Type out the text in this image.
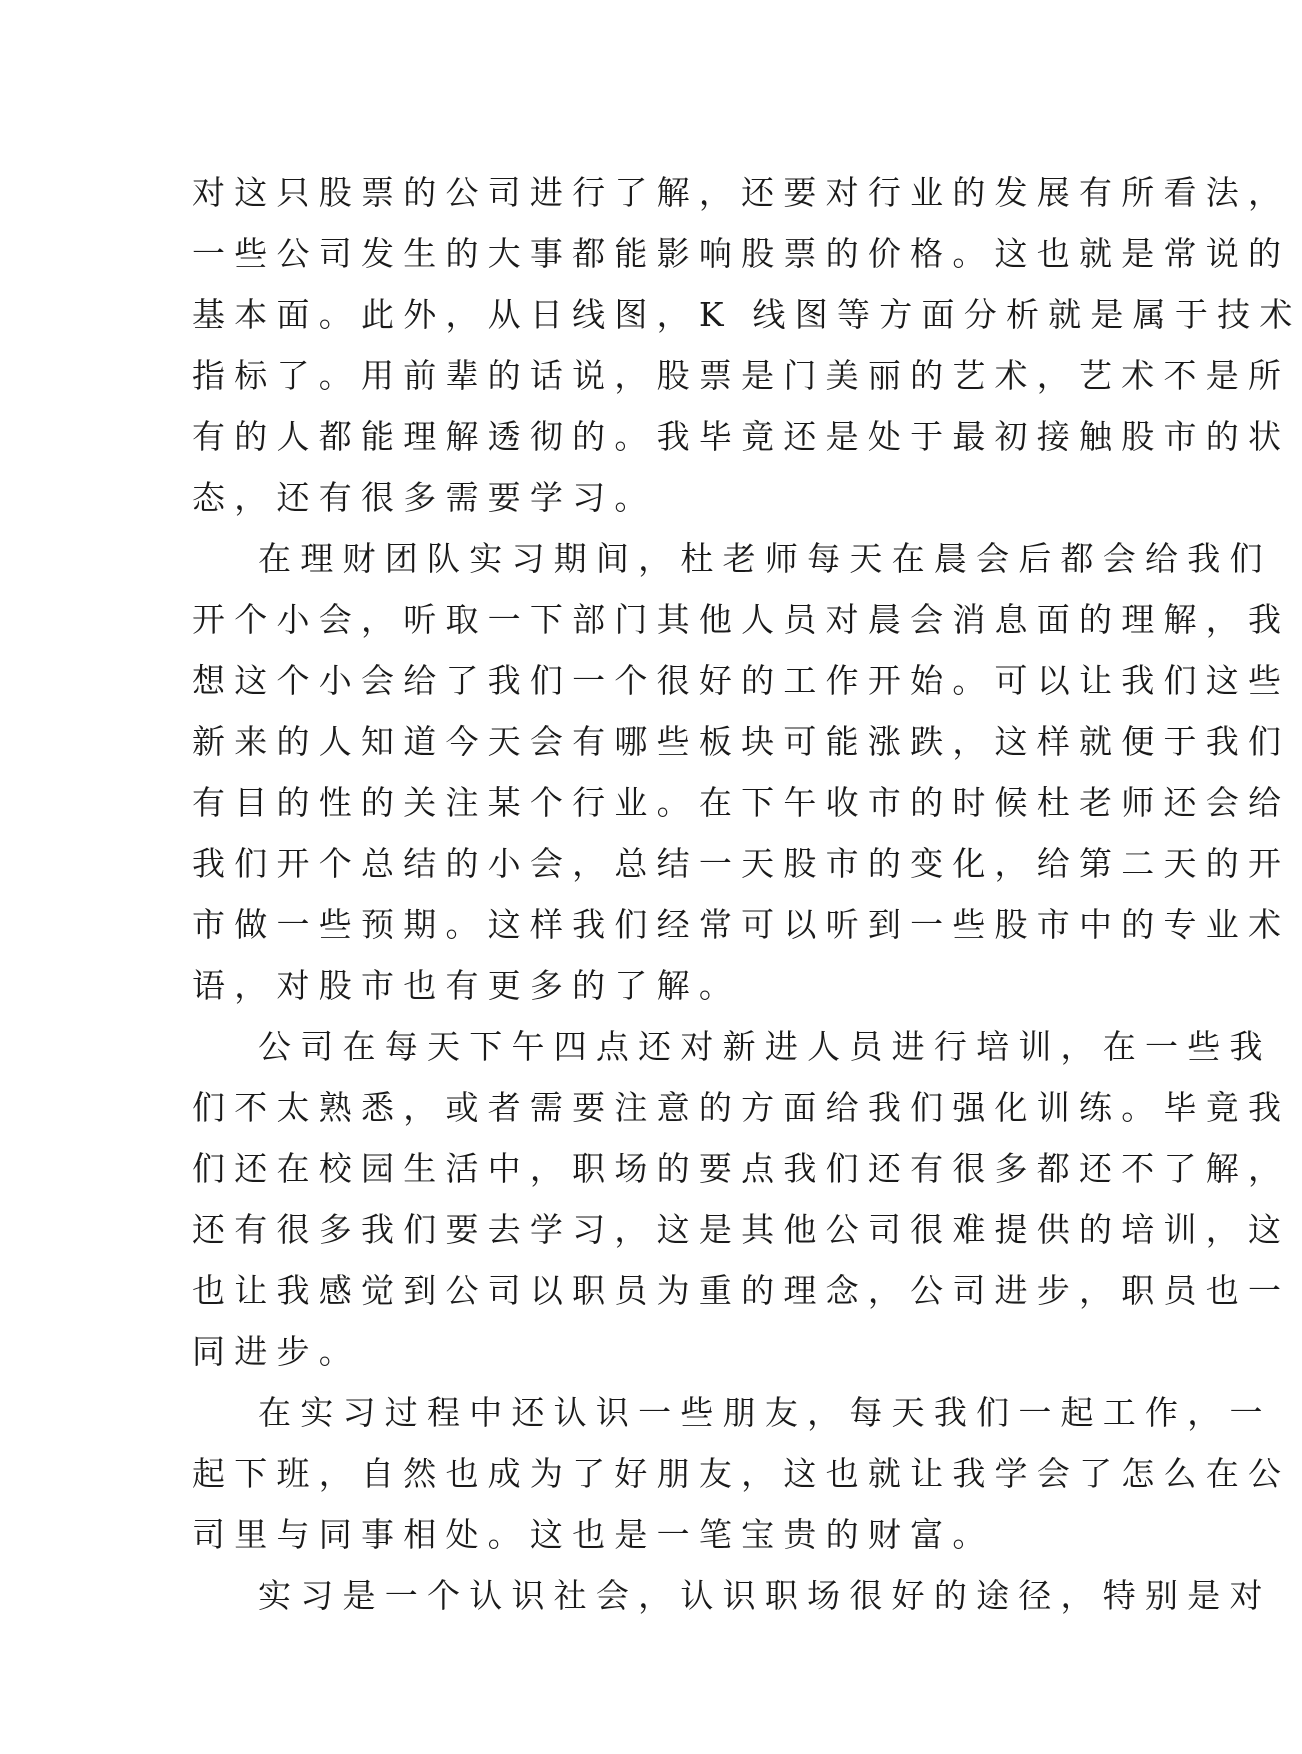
对这只股票的公司进行了解，还要对行业的发展有所看法，
一些公司发生的大事都能影响股票的价格。这也就是常说的
基本面。此外，从日线图，K 线图等方面分析就是属于技术
指标了。用前辈的话说，股票是门美丽的艺术，艺术不是所
有的人都能理解透彻的。我毕竟还是处于最初接触股市的状
态，还有很多需要学习。
在理财团队实习期间，杜老师每天在晨会后都会给我们
开个小会，听取一下部门其他人员对晨会消息面的理解，我
想这个小会给了我们一个很好的工作开始。可以让我们这些
新来的人知道今天会有哪些板块可能涨跌，这样就便于我们
有目的性的关注某个行业。在下午收市的时候杜老师还会给
我们开个总结的小会，总结一天股市的变化，给第二天的开
市做一些预期。这样我们经常可以听到一些股市中的专业术
语，对股市也有更多的了解。
公司在每天下午四点还对新进人员进行培训，在一些我
们不太熟悉，或者需要注意的方面给我们强化训练。毕竟我
们还在校园生活中，职场的要点我们还有很多都还不了解，
还有很多我们要去学习，这是其他公司很难提供的培训，这
也让我感觉到公司以职员为重的理念，公司进步，职员也一
同进步。
在实习过程中还认识一些朋友，每天我们一起工作，一
起下班，自然也成为了好朋友，这也就让我学会了怎么在公
司里与同事相处。这也是一笔宝贵的财富。
实习是一个认识社会，认识职场很好的途径，特别是对
